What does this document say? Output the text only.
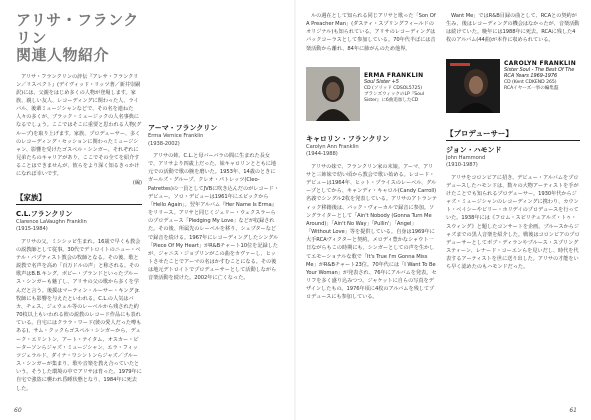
アリサ・フランクリン
関連人物紹介

アリサ・フランクリンの評伝『アレサ・フランクリン／リスペクト』(デイヴィッド・リッツ著／新井崇嗣訳)には、父親をはじめ多くの人物が登場します。家族、親しい友人、レコーディングに関わった人、ライバル、後輩ミュージシャンなどで、その名を連ねた人々の多くが、ブラック・ミュージックの人名事典になるでしょう。ここではそこに重要と思われる人物(グループ)を取り上げます。家族、プロデューサー、多くのレコーディング・セッションに関わったミュージシャン、影響を受けたゴスペル・シンガー、それぞれに兄弟たちのキャリアがあり、ここでその全てを紹介することはできませんが、彼らをより深く知るきっかけになれば幸いです。

(編)
【家族】
C.L.フランクリン
Clarence LaVaughn Franklin
(1915-1984)

アリサの父。ミシシッピ生まれ。16歳で早くも教会の説教師として従事。30代でデトロイトのニュー・ベテル・バプティスト教会の牧師となる。その後、歌と説教で名声を高め「百万ドルの声」と称される。その歌声はB.B.キング、ボビー・ブランドといったブルース・シンガーも魅了し、アリサの父の歌から多くを学んだと言う。後援はマーティン・ルーサー・キング Jr.牧師にも影響を与えたといわれる。C.L.の人気はバカ、チェス、ジュウェル等のレーベルから残された約70枚以上もいわれる彼の説教のレコード作品にも表れている。自宅にはクララ・ワード(彼の愛人だった噂もある)、サム・クックらゴスペル・シンガーから、デューク・エリントン、アート・テイタム、オスカー・ピーターソンらジャズ・ミュージシャン、エラ・フィッツジェラルド、ダイナ・ワシントンらジャズ／ブルース・シンガーが集まり、歌や音楽を教え合っていたという。そうした環境の中でアリサは育った。1979年に自宅で強盗に襲われ昏睡状態となり、1984年に死去した。

アーマ・フランクリン
Erma Vernice Franklin
(1938-2002)

アリサの姉。C.L.と母バーバラの間に生まれた長女で、アリサより四歳上だった。妹キャロリンとともに地元での活動で歌の腕を磨いた。1953年、14歳のときにガールズ・グループ、クレオ・パトレッツ(Cleo-Patrettes)の一員としてJVBに吹き込んだのがレコード・デビュー。ソロ・デビューは1961年にエピックから「Hello Again」。翌年アルバム『Her Name Is Erma』をリリース。アリサと同じくジェリー・ウェクスラーらのプロデュース「Pledging My Love」などが収録された。その後、所属先のレーベルを移り、シェプターなどで録音を続ける。1967年にレコーディングしたシングル「Piece Of My Heart」がR&Bチャート10位を記録したが、ジャニス・ジョプリンがこの曲をカヴァーし、ヒットさせたことでアーマの名はかすむことになる。その後は地元デトロイトでプロデューサーとして活動しながら音楽活動を続けた。2002年に亡くなった。

60

ルの週在として知られる同じアリサと歌った「Son Of A Preacher Man」(ダスティ・スプリングフィールドのオリジナル)も知られている。アリサのレコーディングはバックコーラスとして参加している。70年代半ばには音楽活動から離れ、84年に肺がんのため他界。

ERMA FRANKLIN
Soul Sister +5
CD (ソリッド CDSOL5725)
ブランズウィックのLP『Soul Sister』に6曲追加したCD
キャロリン・フランクリン
Carolyn Ann Franklin
(1944-1988)

アリサの妹で、フランクリン家の末娘。アーマ、アリサと三姉妹で幼い頃から教会で歌い始める。レコード・デビューは1964年、ヒット・プライスのレーベル、グループとしてから、キャンディ・キャロル(Candy Carroll)名義でシングル2枚を発表している。アリサのアトランティック移籍後は、バック・ヴォーカルで録音に参加。ソングライターとして「Ain't Nobody (Gonna Turn Me Around)」「Ain't No Way」「Pullin'」「Angel」「Without Love」等を提供している。自身は1969年に大手RCAヴィクターと契約。メロディ豊かなシャウト一日ながらもこの時期にも、シンガーとしての声を生かしてエモーショナルな歌で「It's True I'm Gonna Miss Me」がR&Bチャート23位。70年代には「I Want To Be Your Woman」が発表され、76年にアルバムを発表。セリフを多く盛り込みつつ。ジャケットに自らの写真をデザインしたもの。1976年頃に4枚のアルバムを残してプロデュースにも参加している。

Want Me」ではR&B目録の曲として、RCAとの契約が生み、後はレコーディングの機会はなかったが、音楽活動は続けていた。晩年には1988年に死去。RCAに残した4枚のアルバム(44曲)が本作に収められている。

CAROLYN FRANKLIN
Sister Soul - The Best Of The RCA Years 1969-1976
CD (Kent CDKEND 265)
RCAイヤーズ一挙の編集盤
【プロデューサー】
ジョン・ハモンド
John Hammond
(1910-1987)

アリサをコロンビアに招き、デビュー・アルバムをプロデュースしたハモンドは、数々の大物アーティストを手がけたことでも知られるプロデューサー。1930年代からジャズ・ミュージシャンのレコーディングに携わり、カウント・ベイシーやビリー・ホリデイのプロデュースを行っていた。1938年には《フロム・スピリチュアルズ・トゥ・スウィング》と題したコンサートを企画。ブルースからジャズまでの黒人音楽を紹介した。戦後はコロンビアのプロデューサーとしてボブ・ディランやブルース・スプリングスティーン、レナード・コーエンらを見いだし、時代を代表するアーティストを世に送り出した。アリサの才能をいち早く認めたのもハモンドだった。

61
